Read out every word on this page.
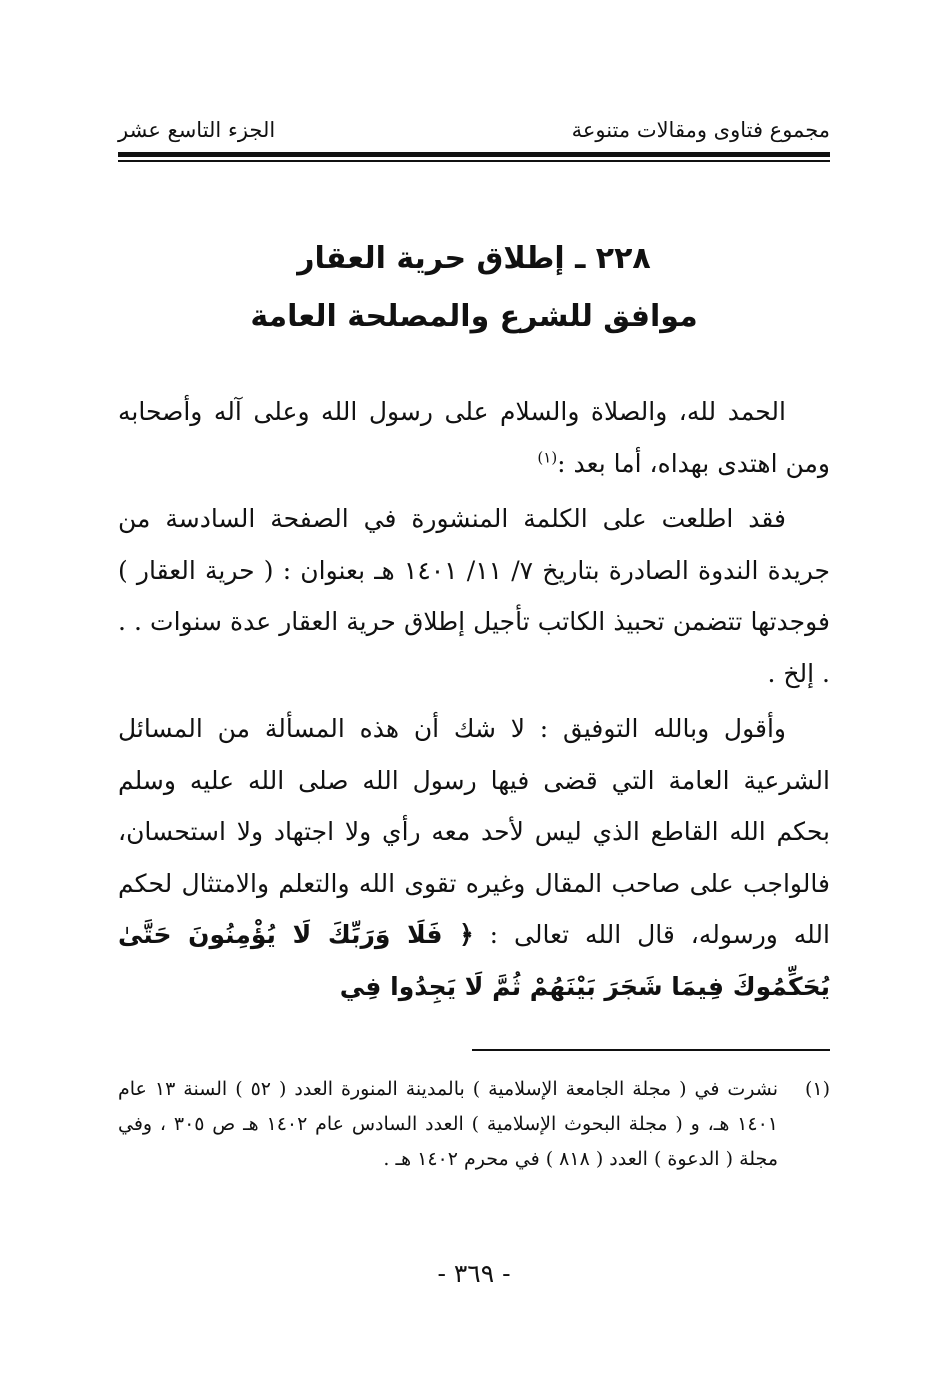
مجموع فتاوى ومقالات متنوعة
الجزء التاسع عشر
٢٢٨ ـ إطلاق حرية العقار
موافق للشرع والمصلحة العامة

الحمد لله، والصلاة والسلام على رسول الله وعلى آله وأصحابه ومن اهتدى بهداه، أما بعد :$^{(١)}$

فقد اطلعت على الكلمة المنشورة في الصفحة السادسة من جريدة الندوة الصادرة بتاريخ ٧/ ١١/ ١٤٠١ هـ بعنوان : ( حرية العقار ) فوجدتها تتضمن تحبيذ الكاتب تأجيل إطلاق حرية العقار عدة سنوات . . . إلخ .

وأقول وبالله التوفيق : لا شك أن هذه المسألة من المسائل الشرعية العامة التي قضى فيها رسول الله صلى الله عليه وسلم بحكم الله القاطع الذي ليس لأحد معه رأي ولا اجتهاد ولا استحسان، فالواجب على صاحب المقال وغيره تقوى الله والتعلم والامتثال لحكم الله ورسوله، قال الله تعالى : ﴿ فَلَا وَرَبِّكَ لَا يُؤْمِنُونَ حَتَّىٰ يُحَكِّمُوكَ فِيمَا شَجَرَ بَيْنَهُمْ ثُمَّ لَا يَجِدُوا فِي

(١)
نشرت في ( مجلة الجامعة الإسلامية ) بالمدينة المنورة العدد ( ٥٢ ) السنة ١٣ عام ١٤٠١ هـ، و ( مجلة البحوث الإسلامية ) العدد السادس عام ١٤٠٢ هـ ص ٣٠٥ ، وفي مجلة ( الدعوة ) العدد ( ٨١٨ ) في محرم ١٤٠٢ هـ .
- ٣٦٩ -
